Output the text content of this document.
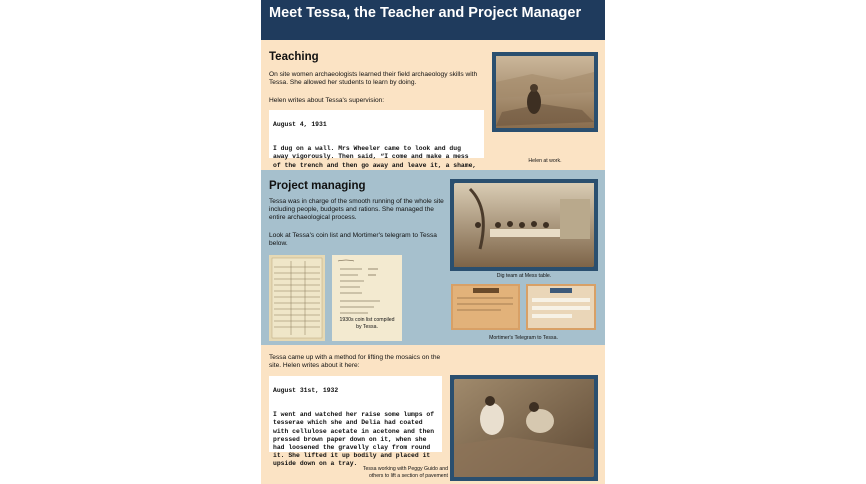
Meet Tessa, the Teacher and Project Manager
Teaching

On site women archaeologists learned their field archaeology skills with Tessa. She allowed her students to learn by doing.

Helen writes about Tessa's supervision:

August 4, 1931

I dug on a wall. Mrs Wheeler came to look and dug away vigorously. Then said, “I come and make a mess of the trench and then go away and leave it, a shame,

Helen at work.
Project managing

Tessa was in charge of the smooth running of the whole site including people, budgets and rations. She managed the entire archaeological process.

Look at Tessa's coin list and Mortimer's telegram to Tessa below.

1930s coin list compiled by Tessa.
Dig team at Mess table.
Mortimer's Telegram to Tessa.

Tessa came up with a method for lifting the mosaics on the site. Helen writes about it here:

August 31st, 1932

I went and watched her raise some lumps of tesserae which she and Delia had coated with cellulose acetate in acetone and then pressed brown paper down on it, when she had loosened the gravelly clay from round it. She lifted it up bodily and placed it upside down on a tray.

Tessa working with Peggy Guido and others to lift a section of pavement
